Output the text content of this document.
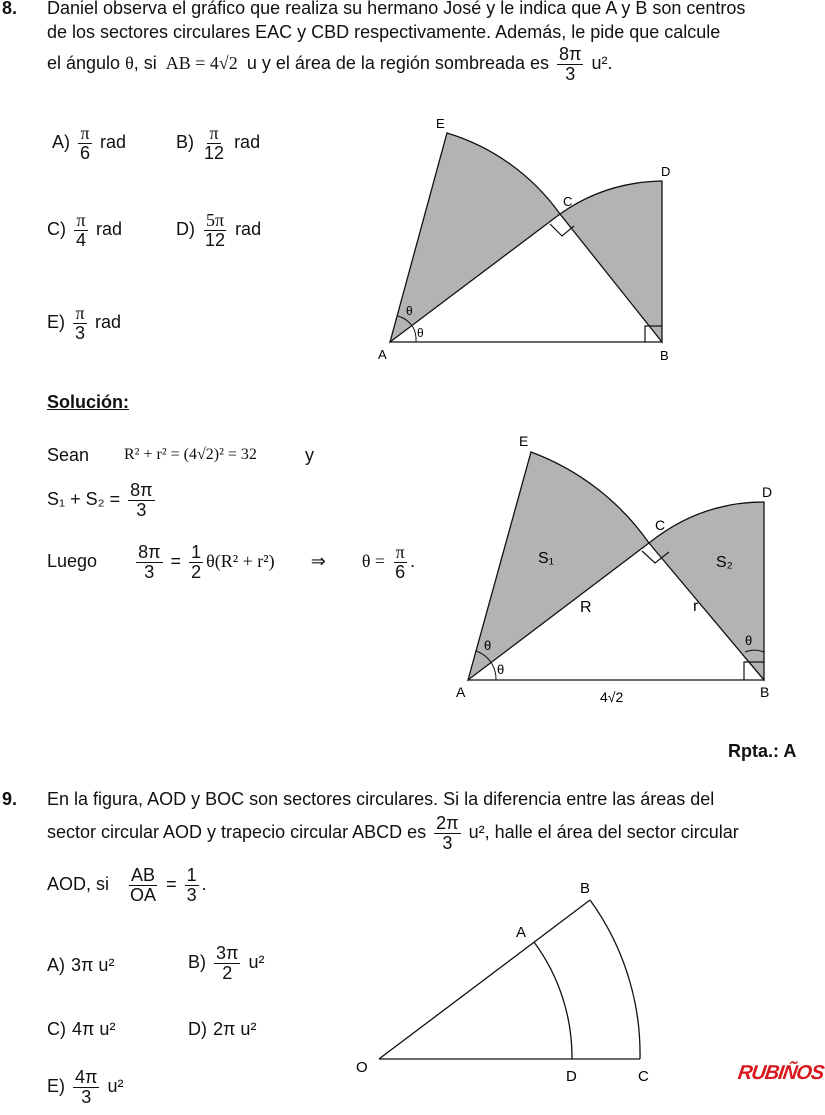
8. Daniel observa el gráfico que realiza su hermano José y le indica que A y B son centros
de los sectores circulares EAC y CBD respectivamente. Además, le pide que calcule
el ángulo θ, si AB = 4√2 u y el área de la región sombreada es $\frac{8\pi}{3} u^2$.
$A) \frac{\pi}{6}$ rad	$B) \frac{\pi}{12}$ rad
$C) \frac{\pi}{4}$ rad	$D) \frac{5\pi}{12}$ rad
$E) \frac{\pi}{3}$ rad
E
D
C
A	B
θ
θ
Solución:
Sean R² + r² = (4√2)² = 32	y
$S_1 + S_2 = \frac{8\pi}{3}$
Luego $\frac{8\pi}{3} = \frac{1}{2} \theta(R^2 + r^2)$ ⇒ $\theta = \frac{\pi}{6}$ .
E
D
C
A	B
S₁	S₂
R	r
θ
θ
θ
4√2
Rpta.: A
9. En la figura, AOD y BOC son sectores circulares. Si la diferencia entre las áreas del
sector circular AOD y trapecio circular ABCD es $\frac{2\pi}{3} u^2$, halle el área del sector circular
AOD, si $\frac{AB}{OA} = \frac{1}{3}$ .
A) 3π u²	$B) \frac{3\pi}{2} u^2$
C) 4π u²	D) 2π u²
$E) \frac{4\pi}{3} u^2$
B
A
O
D	C	RUBIÑOS
